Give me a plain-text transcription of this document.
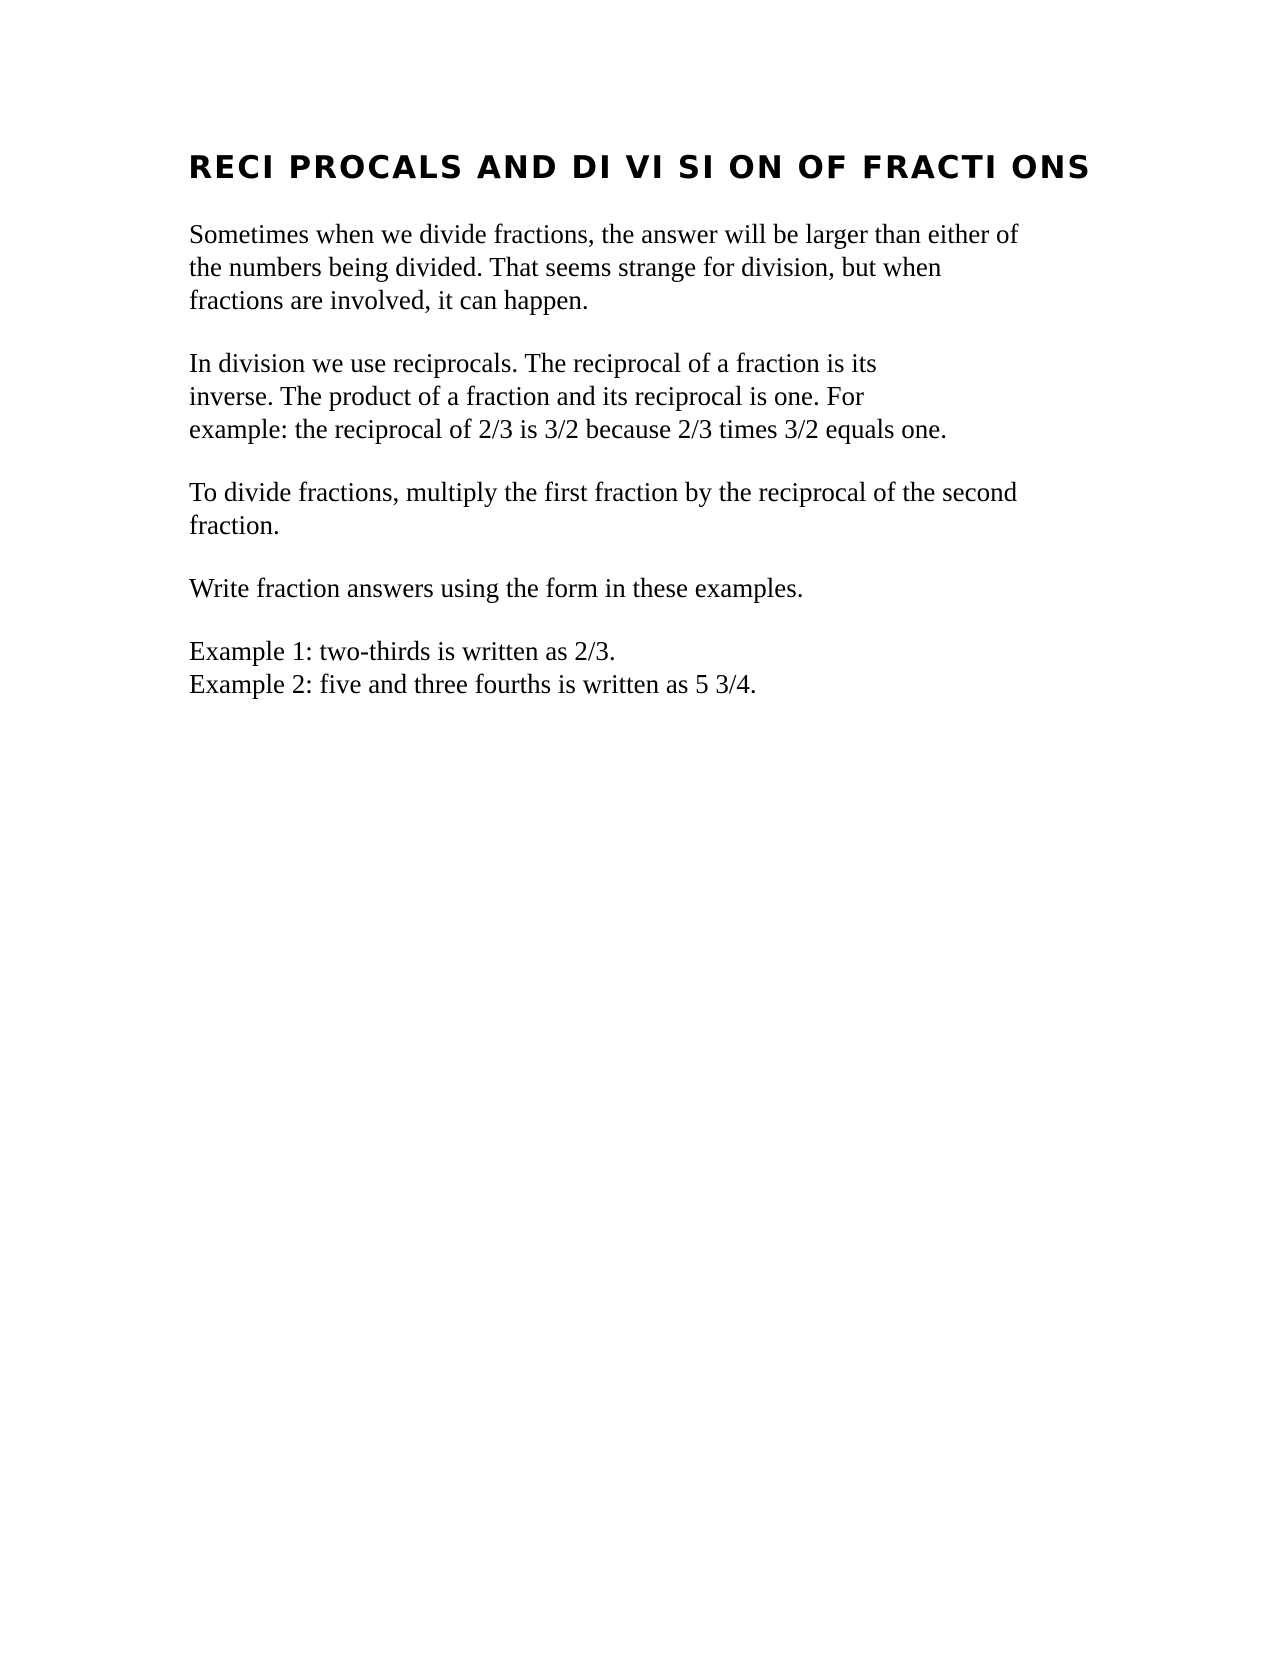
RECI PROCALS AND DI VI SI ON OF FRACTI ONS

Sometimes when we divide fractions, the answer will be larger than either of
the numbers being divided. That seems strange for division, but when
fractions are involved, it can happen.

In division we use reciprocals. The reciprocal of a fraction is its
inverse. The product of a fraction and its reciprocal is one. For
example: the reciprocal of 2/3 is 3/2 because 2/3 times 3/2 equals one.

To divide fractions, multiply the first fraction by the reciprocal of the second
fraction.

Write fraction answers using the form in these examples.

Example 1: two-thirds is written as 2/3.
Example 2: five and three fourths is written as 5 3/4.
